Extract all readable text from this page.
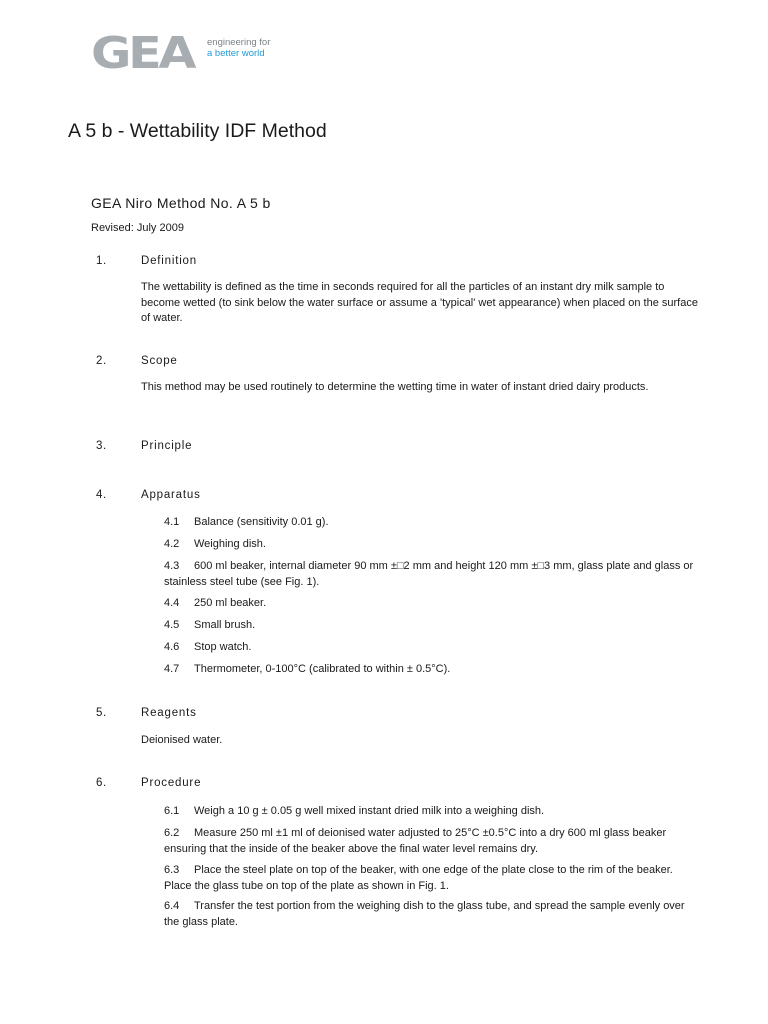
GEA engineering for
a better world
A 5 b - Wettability IDF Method
GEA Niro Method No. A 5 b
Revised: July 2009
1.	Definition
The wettability is defined as the time in seconds required for all the particles of an instant dry milk sample to become wetted (to sink below the water surface or assume a 'typical' wet appearance) when placed on the surface of water.
2.	Scope
This method may be used routinely to determine the wetting time in water of instant dried dairy products.
3.	Principle
4.	Apparatus
4.1 Balance (sensitivity 0.01 g).
4.2 Weighing dish.
4.3 600 ml beaker, internal diameter 90 mm ±□2 mm and height 120 mm ±□3 mm, glass plate and glass or stainless steel tube (see Fig. 1).
4.4 250 ml beaker.
4.5 Small brush.
4.6 Stop watch.
4.7 Thermometer, 0-100°C (calibrated to within ± 0.5°C).
5.	Reagents
Deionised water.
6.	Procedure
6.1 Weigh a 10 g ± 0.05 g well mixed instant dried milk into a weighing dish.
6.2 Measure 250 ml ±1 ml of deionised water adjusted to 25°C ±0.5°C into a dry 600 ml glass beaker ensuring that the inside of the beaker above the final water level remains dry.
6.3 Place the steel plate on top of the beaker, with one edge of the plate close to the rim of the beaker. Place the glass tube on top of the plate as shown in Fig. 1.
6.4 Transfer the test portion from the weighing dish to the glass tube, and spread the sample evenly over the glass plate.
